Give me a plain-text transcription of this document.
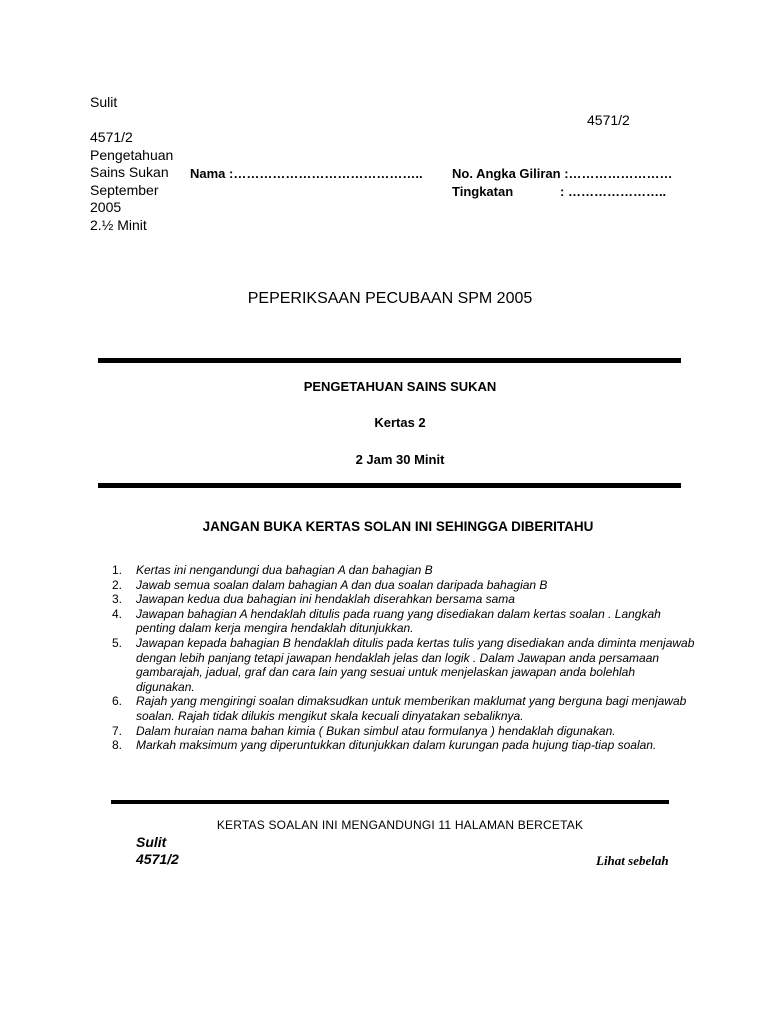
Sulit

4571/2
Pengetahuan
Sains Sukan
September
2005
2.½ Minit
4571/2
Nama :…………………………………….. No. Angka Giliran :……………………
Tingkatan	: …………………..
PEPERIKSAAN PECUBAAN SPM 2005
PENGETAHUAN SAINS SUKAN
Kertas 2
2 Jam 30 Minit
JANGAN BUKA KERTAS SOLAN INI SEHINGGA DIBERITAHU
1. Kertas ini nengandungi dua bahagian A dan bahagian B
2. Jawab semua soalan dalam bahagian A dan dua soalan daripada bahagian B
3. Jawapan kedua dua bahagian ini hendaklah diserahkan bersama sama
4. Jawapan bahagian A hendaklah ditulis pada ruang yang disediakan dalam kertas soalan . Langkah penting dalam kerja mengira hendaklah ditunjukkan.
5. Jawapan kepada bahagian B hendaklah ditulis pada kertas tulis yang disediakan anda diminta menjawab dengan lebih panjang tetapi jawapan hendaklah jelas dan logik . Dalam Jawapan anda persamaan gambarajah, jadual, graf dan cara lain yang sesuai untuk menjelaskan jawapan anda bolehlah digunakan.
6. Rajah yang mengiringi soalan dimaksudkan untuk memberikan maklumat yang berguna bagi menjawab soalan. Rajah tidak dilukis mengikut skala kecuali dinyatakan sebaliknya.
7. Dalam huraian nama bahan kimia ( Bukan simbul atau formulanya ) hendaklah digunakan.
8. Markah maksimum yang diperuntukkan ditunjukkan dalam kurungan pada hujung tiap-tiap soalan.
KERTAS SOALAN INI MENGANDUNGI 11 HALAMAN BERCETAK
Sulit
4571/2	Lihat sebelah
